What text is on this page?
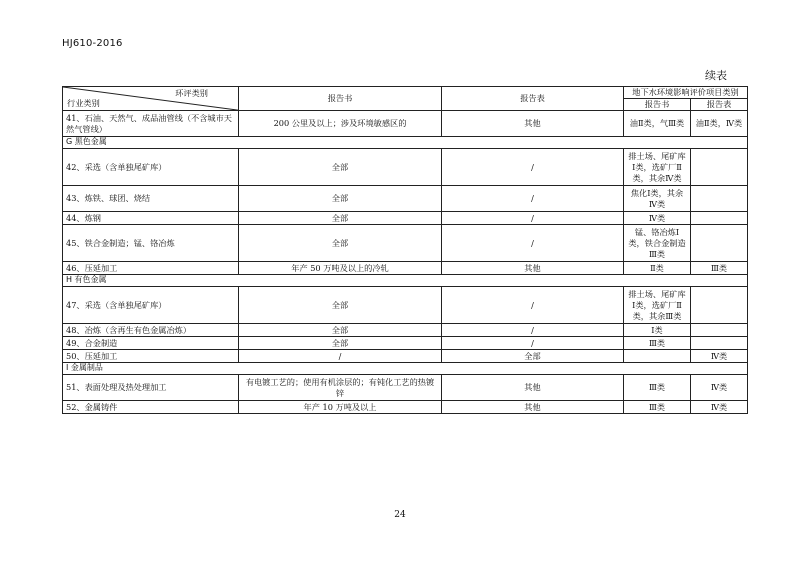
HJ610-2016
续表
环评类别
行业类别	报告书	报告表	地下水环境影响评价项目类别	
			报告书	报告表
41、石油、天然气、成品油管线（不含城市天然气管线）	200 公里及以上；涉及环境敏感区的	其他	油Ⅱ类，气Ⅲ类	油Ⅱ类，Ⅳ类
G 黑色金属				
42、采选（含单独尾矿库）	全部	/	排土场、尾矿库Ⅰ类，选矿厂Ⅱ类，其余Ⅳ类	
43、炼铁、球团、烧结	全部	/	焦化Ⅰ类，其余Ⅳ类	
44、炼钢	全部	/	Ⅳ类	
45、铁合金制造；锰、铬冶炼	全部	/	锰、铬冶炼Ⅰ类，铁合金制造Ⅲ类	
46、压延加工	年产 50 万吨及以上的冷轧	其他	Ⅱ类	Ⅲ类
H 有色金属				
47、采选（含单独尾矿库）	全部	/	排土场、尾矿库Ⅰ类，选矿厂Ⅱ类，其余Ⅲ类	
48、冶炼（含再生有色金属冶炼）	全部	/	Ⅰ类	
49、合金制造	全部	/	Ⅲ类	
50、压延加工	/	全部		Ⅳ类
I 金属制品				
51、表面处理及热处理加工	有电镀工艺的；使用有机涂层的；有钝化工艺的热镀锌	其他	Ⅲ类	Ⅳ类
52、金属铸件	年产 10 万吨及以上	其他	Ⅲ类	Ⅳ类
24
